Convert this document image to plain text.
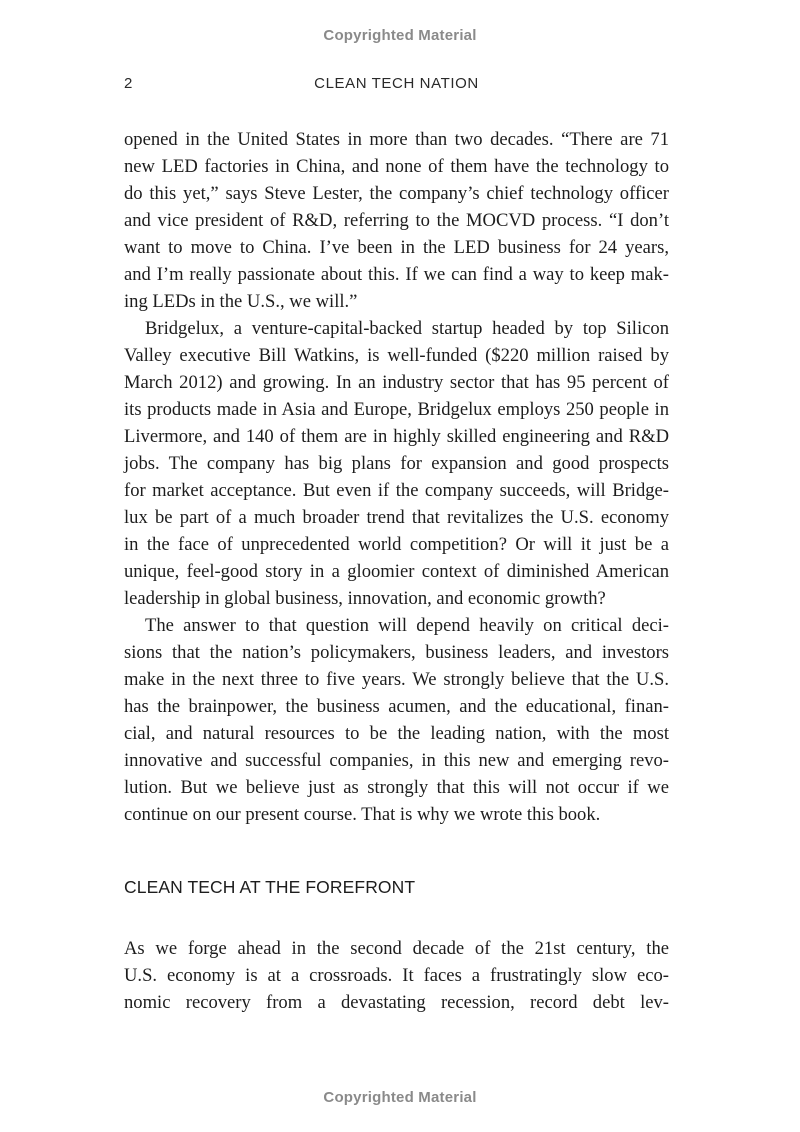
Copyrighted Material
2	CLEAN TECH NATION

opened in the United States in more than two decades. “There are 71
new LED factories in China, and none of them have the technology to
do this yet,” says Steve Lester, the company’s chief technology officer
and vice president of R&D, referring to the MOCVD process. “I don’t
want to move to China. I’ve been in the LED business for 24 years,
and I’m really passionate about this. If we can find a way to keep mak-
ing LEDs in the U.S., we will.”

Bridgelux, a venture-capital-backed startup headed by top Silicon
Valley executive Bill Watkins, is well-funded ($220 million raised by
March 2012) and growing. In an industry sector that has 95 percent of
its products made in Asia and Europe, Bridgelux employs 250 people in
Livermore, and 140 of them are in highly skilled engineering and R&D
jobs. The company has big plans for expansion and good prospects
for market acceptance. But even if the company succeeds, will Bridge-
lux be part of a much broader trend that revitalizes the U.S. economy
in the face of unprecedented world competition? Or will it just be a
unique, feel-good story in a gloomier context of diminished American
leadership in global business, innovation, and economic growth?

The answer to that question will depend heavily on critical deci-
sions that the nation’s policymakers, business leaders, and investors
make in the next three to five years. We strongly believe that the U.S.
has the brainpower, the business acumen, and the educational, finan-
cial, and natural resources to be the leading nation, with the most
innovative and successful companies, in this new and emerging revo-
lution. But we believe just as strongly that this will not occur if we
continue on our present course. That is why we wrote this book.

CLEAN TECH AT THE FOREFRONT

As we forge ahead in the second decade of the 21st century, the
U.S. economy is at a crossroads. It faces a frustratingly slow eco-
nomic recovery from a devastating recession, record debt lev-

Copyrighted Material
